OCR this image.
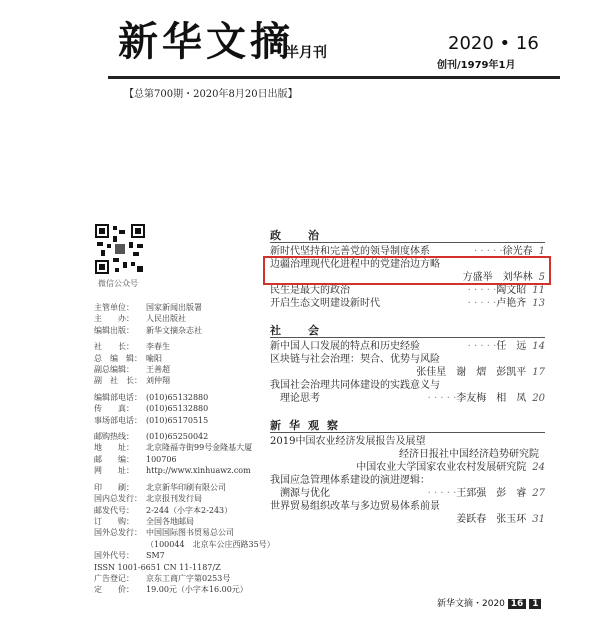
新华文摘
半月刊	2020 • 16
创刊/1979年1月
【总第700期・2020年8月20日出版】
微信公众号
主管单位： 国家新闻出版署
主　　办： 人民出版社
编辑出版： 新华文摘杂志社
社　　长： 李春生
总　编　辑： 喻阳
副总编辑： 王善超
副　社　长： 刘仲翔
编辑部电话： (010)65132880
传　　真： (010)65132880
事场部电话： (010)65170515
邮购热线： (010)65250042
地　　址： 北京隆福寺街99号金隆基大厦
邮　　编： 100706
网　　址： http://www.xinhuawz.com
印　　刷： 北京新华印刷有限公司
国内总发行： 北京报刊发行局
邮发代号： 2-244（小字本2-243）
订　　购： 全国各地邮局
国外总发行： 中国国际图书贸易总公司
（100044　北京车公庄西路35号）
国外代号： SM7
ISSN 1001-6651 CN 11-1187/Z
广告登记： 京东工商广字第0253号
定　　价： 19.00元（小字本16.00元）
政　治
新时代坚持和完善党的领导制度体系	· · · · ·徐光春 1
边疆治理现代化进程中的党建治边方略
方盛举　刘华林 5
民生是最大的政治	· · · · ·陶文昭 11
开启生态文明建设新时代	· · · · ·卢艳齐 13
社　会
新中国人口发展的特点和历史经验	· · · · ·任　远 14
区块链与社会治理：契合、优势与风险
张佳星　谢　熠　彭凯平 17
我国社会治理共同体建设的实践意义与
　理论思考	· · · · ·李友梅　相　凤 20
新华观察
2019中国农业经济发展报告及展望
经济日报社中国经济趋势研究院
中国农业大学国家农业农村发展研究院 24
我国应急管理体系建设的演进逻辑：
　溯源与优化	· · · · ·王郅强　彭　睿 27
世界贸易组织改革与多边贸易体系前景
姜跃春　张玉环 31
新华文摘・2020 16 1
